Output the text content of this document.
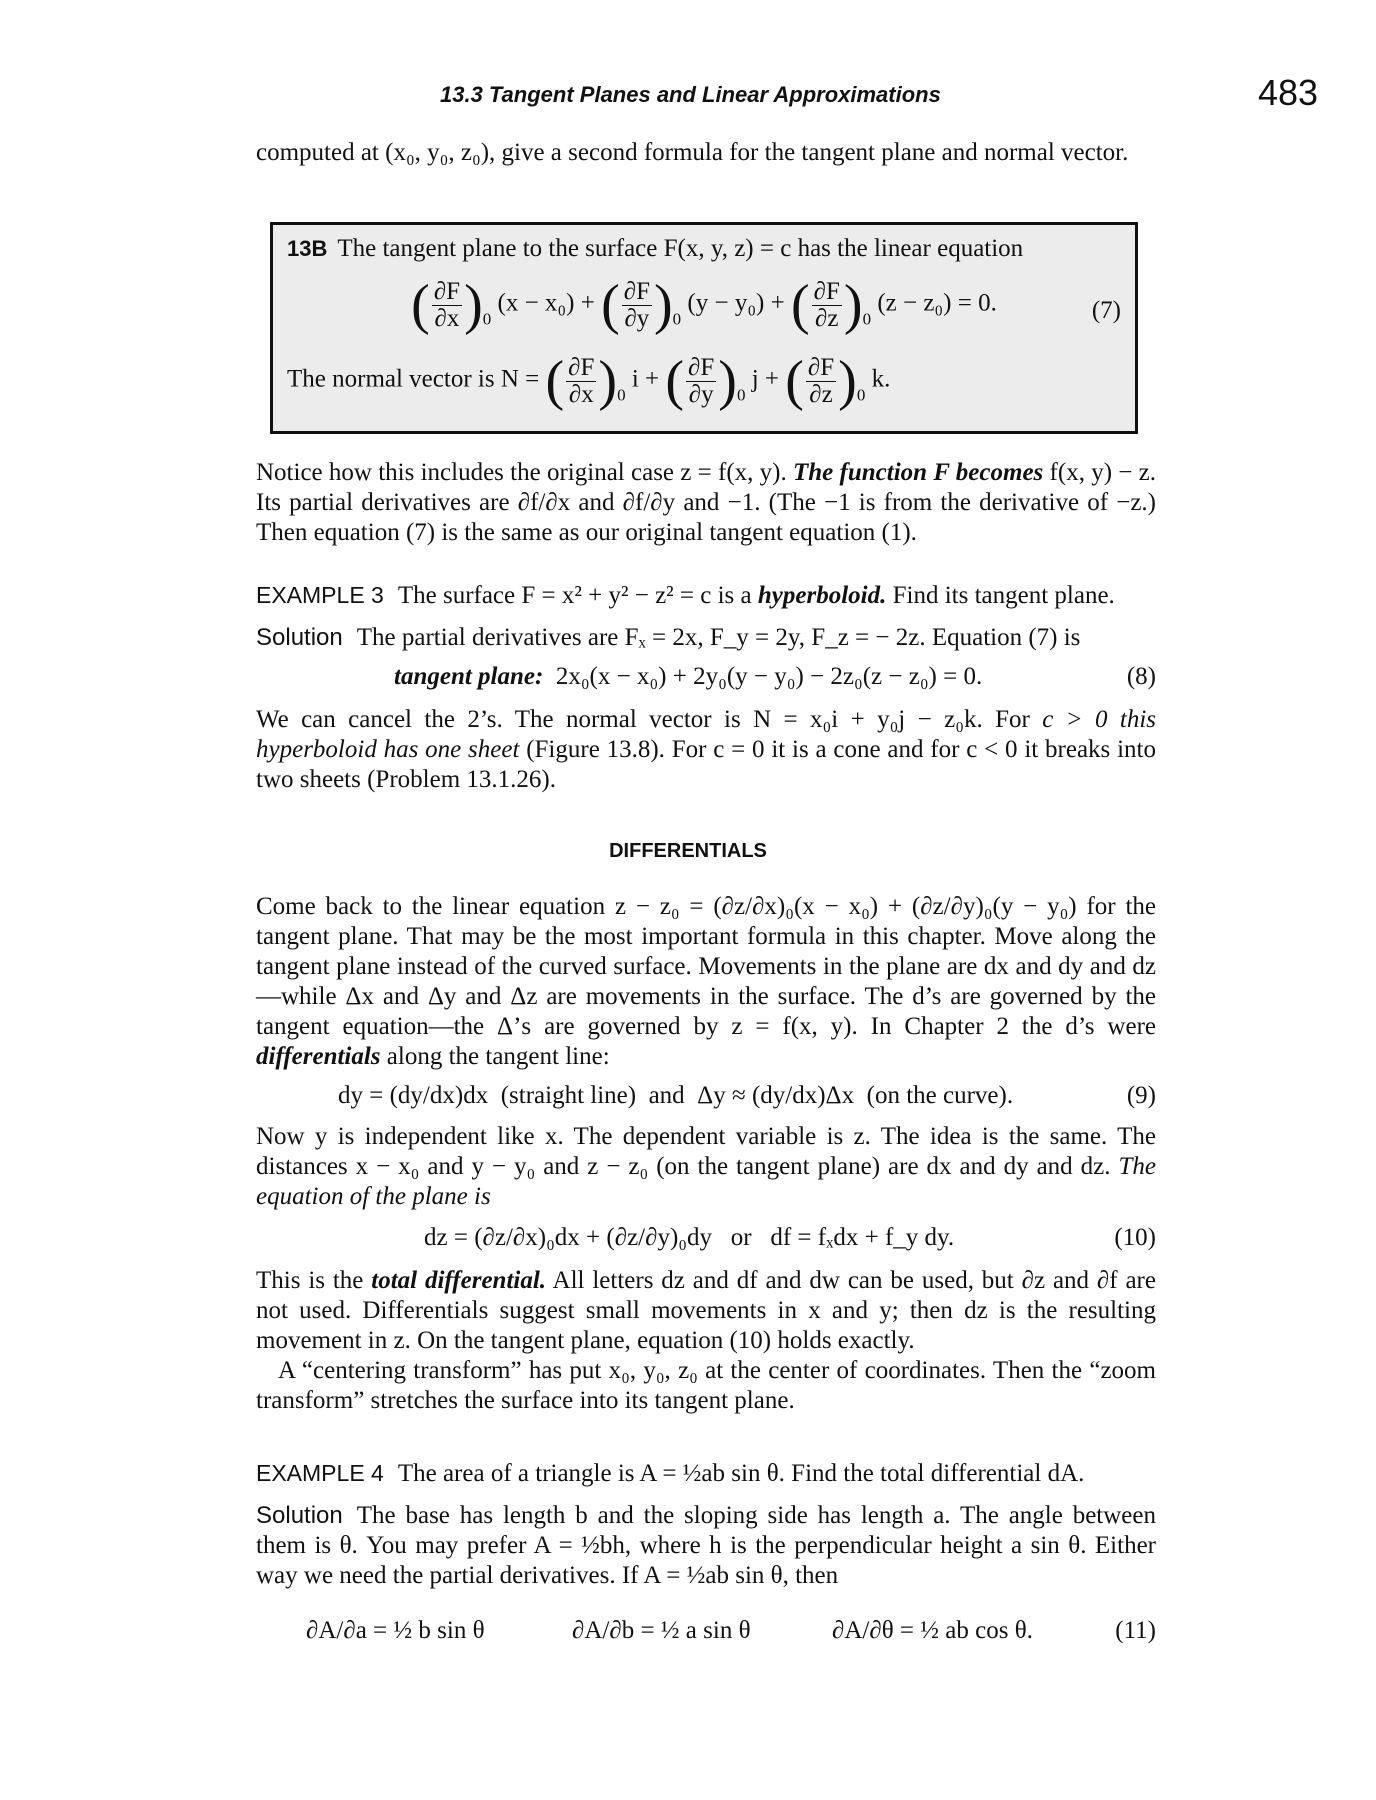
13.3 Tangent Planes and Linear Approximations	483

computed at (x₀, y₀, z₀), give a second formula for the tangent plane and normal vector.

13B The tangent plane to the surface F(x, y, z) = c has the linear equation
( $\frac{\partial F}{\partial x} )_0$ (x − x₀) + ( $\frac{\partial F}{\partial y} )_0$ (y − y₀) + ( $\frac{\partial F}{\partial z} )_0$ (z − z₀) = 0.	(7)
The normal vector is N = ( $\frac{\partial F}{\partial x} )_0$ i + ( $\frac{\partial F}{\partial y} )_0$ j + ( $\frac{\partial F}{\partial z} )_0$ k.

Notice how this includes the original case z = f(x, y). The function F becomes f(x, y) − z. Its partial derivatives are ∂f/∂x and ∂f/∂y and −1. (The −1 is from the derivative of −z.) Then equation (7) is the same as our original tangent equation (1).

EXAMPLE 3 The surface F = x² + y² − z² = c is a hyperboloid. Find its tangent plane.

Solution The partial derivatives are Fₓ = 2x, F_y = 2y, F_z = − 2z. Equation (7) is

tangent plane: 2x₀(x − x₀) + 2y₀(y − y₀) − 2z₀(z − z₀) = 0.	(8)

We can cancel the 2’s. The normal vector is N = x₀i + y₀j − z₀k. For c > 0 this hyperboloid has one sheet (Figure 13.8). For c = 0 it is a cone and for c < 0 it breaks into two sheets (Problem 13.1.26).

DIFFERENTIALS

Come back to the linear equation z − z₀ = (∂z/∂x)₀(x − x₀) + (∂z/∂y)₀(y − y₀) for the tangent plane. That may be the most important formula in this chapter. Move along the tangent plane instead of the curved surface. Movements in the plane are dx and dy and dz—while Δx and Δy and Δz are movements in the surface. The d’s are governed by the tangent equation—the Δ’s are governed by z = f(x, y). In Chapter 2 the d’s were differentials along the tangent line:

dy = (dy/dx)dx  (straight line)  and  Δy ≈ (dy/dx)Δx  (on the curve).	(9)

Now y is independent like x. The dependent variable is z. The idea is the same. The distances x − x₀ and y − y₀ and z − z₀ (on the tangent plane) are dx and dy and dz. The equation of the plane is

dz = (∂z/∂x)₀dx + (∂z/∂y)₀dy   or   df = fₓdx + f_y dy.	(10)

This is the total differential. All letters dz and df and dw can be used, but ∂z and ∂f are not used. Differentials suggest small movements in x and y; then dz is the resulting movement in z. On the tangent plane, equation (10) holds exactly.

A “centering transform” has put x₀, y₀, z₀ at the center of coordinates. Then the “zoom transform” stretches the surface into its tangent plane.

EXAMPLE 4 The area of a triangle is A = ½ab sin θ. Find the total differential dA.

Solution The base has length b and the sloping side has length a. The angle between them is θ. You may prefer A = ½bh, where h is the perpendicular height a sin θ. Either way we need the partial derivatives. If A = ½ab sin θ, then

∂A/∂a = ½ b sin θ	∂A/∂b = ½ a sin θ	∂A/∂θ = ½ ab cos θ.	(11)
